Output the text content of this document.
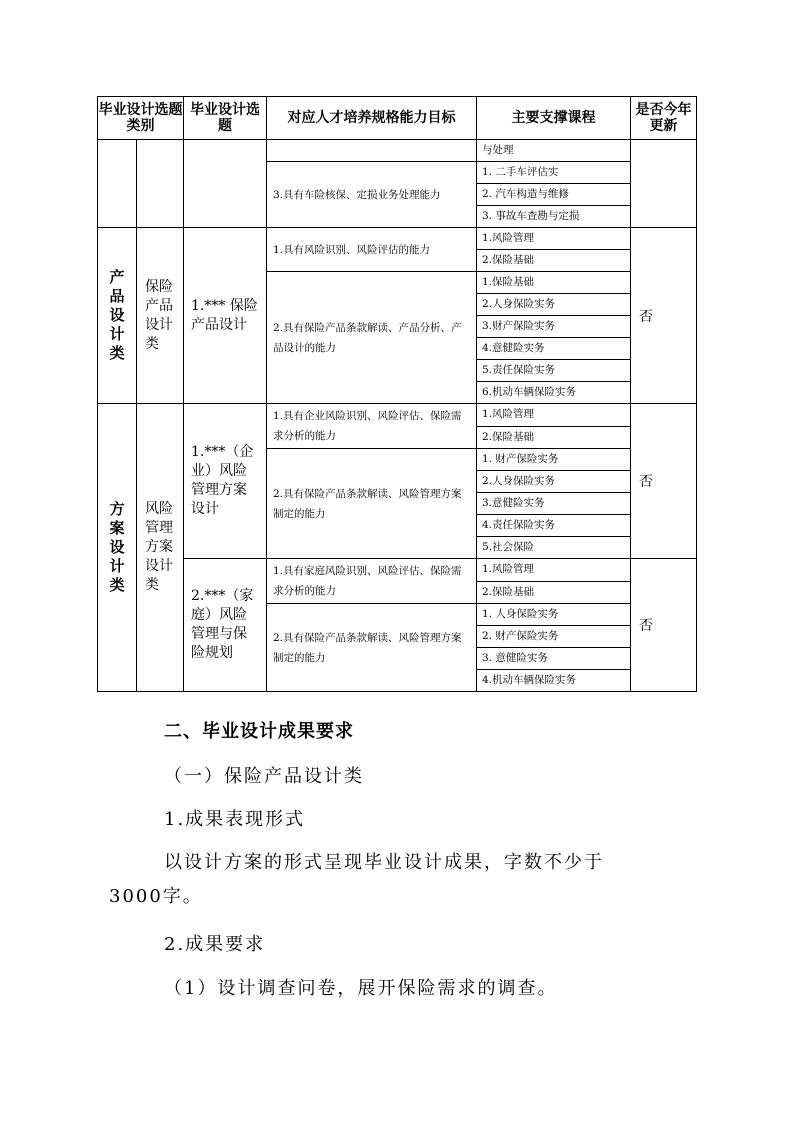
毕业设计选题类别		毕业设计选题	对应人才培养规格能力目标	主要支撑课程	是否今年更新
				与处理	
			3.具有车险核保、定损业务处理能力	1. 二手车评估实	
				2. 汽车构造与维修	
				3. 事故车查勘与定损	

产品设计类	保险产品设计类	1.*** 保险产品设计	1.具有风险识别、风险评估的能力	1.风险管理	否

				2.保险基础	
			2.具有保险产品条款解读、产品分析、产品设计的能力	1.保险基础	
				2.人身保险实务	
				3.财产保险实务	
				4.意健险实务	
				5.责任保险实务	
				6.机动车辆保险实务	

方案设计类	风险管理方案设计类	1.***（企业）风险管理方案设计	1.具有企业风险识别、风险评估、保险需求分析的能力	1.风险管理	否

				2.保险基础	
			2.具有保险产品条款解读、风险管理方案制定的能力	1. 财产保险实务	
				2.人身保险实务	
				3.意健险实务	
				4.责任保险实务	
				5.社会保险	
		2.***（家庭）风险管理与保险规划	1.具有家庭风险识别、风险评估、保险需求分析的能力	1.风险管理	否

				2.保险基础	
			2.具有保险产品条款解读、风险管理方案制定的能力	1. 人身保险实务	
				2. 财产保险实务	
				3. 意健险实务	
				4.机动车辆保险实务	

二、毕业设计成果要求

（一）保险产品设计类

1.成果表现形式

以设计方案的形式呈现毕业设计成果，字数不少于

3000字。

2.成果要求

（1）设计调查问卷，展开保险需求的调查。
